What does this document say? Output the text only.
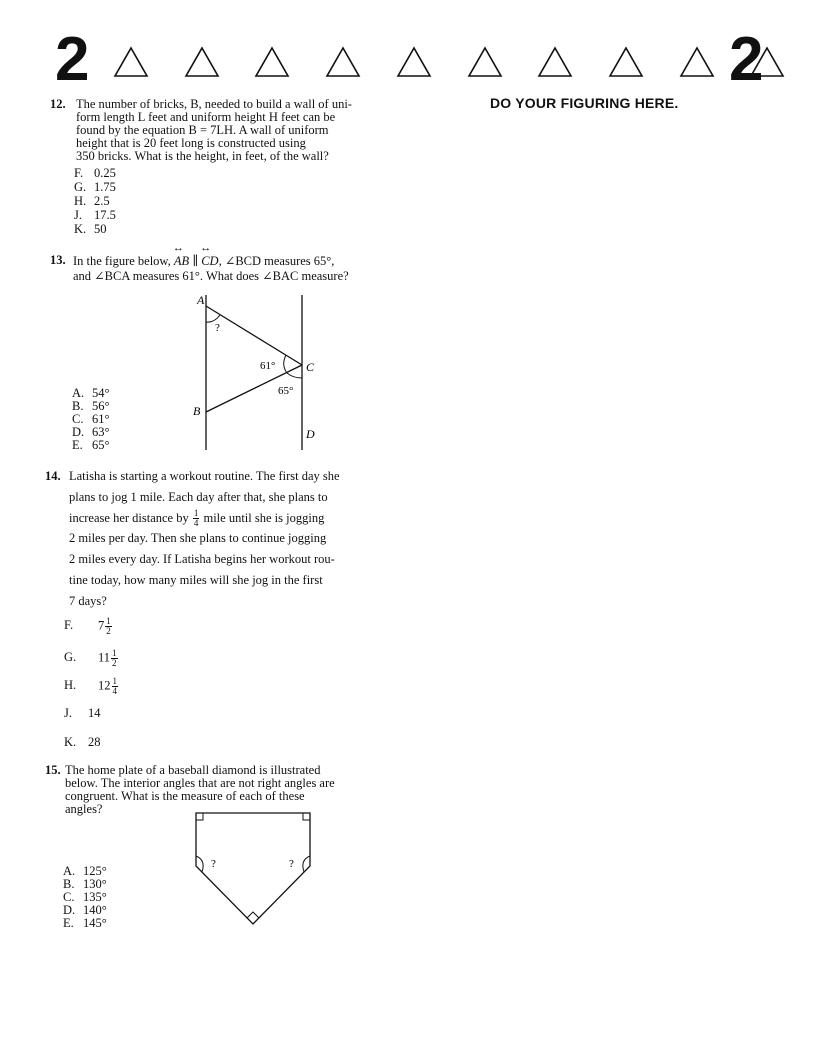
2	2
DO YOUR FIGURING HERE.
12. The number of bricks, B, needed to build a wall of uni-
form length L feet and uniform height H feet can be
found by the equation B = 7LH. A wall of uniform
height that is 20 feet long is constructed using
350 bricks. What is the height, in feet, of the wall?
F. 0.25
G. 1.75
H. 2.5
J. 17.5
K. 50
13. In the figure below,
↔
AB ∥
↔
CD, ∠BCD measures 65°,
and ∠BCA measures 61°. What does ∠BAC measure?
A
B
C
D
?
61°
65°
A. 54°
B. 56°
C. 61°
D. 63°
E. 65°
14. Latisha is starting a workout routine. The first day she
plans to jog 1 mile. Each day after that, she plans to
increase her distance by $\frac{1}{4}$ mile until she is jogging
2 miles per day. Then she plans to continue jogging
2 miles every day. If Latisha begins her workout rou-
tine today, how many miles will she jog in the first
7 days?
F. $7 \frac{1}{2}$
G. $11 \frac{1}{2}$
H. $12 \frac{1}{4}$
J. 14
K. 28
15. The home plate of a baseball diamond is illustrated
below. The interior angles that are not right angles are
congruent. What is the measure of each of these
angles?
?	?
A. 125°
B. 130°
C. 135°
D. 140°
E. 145°
